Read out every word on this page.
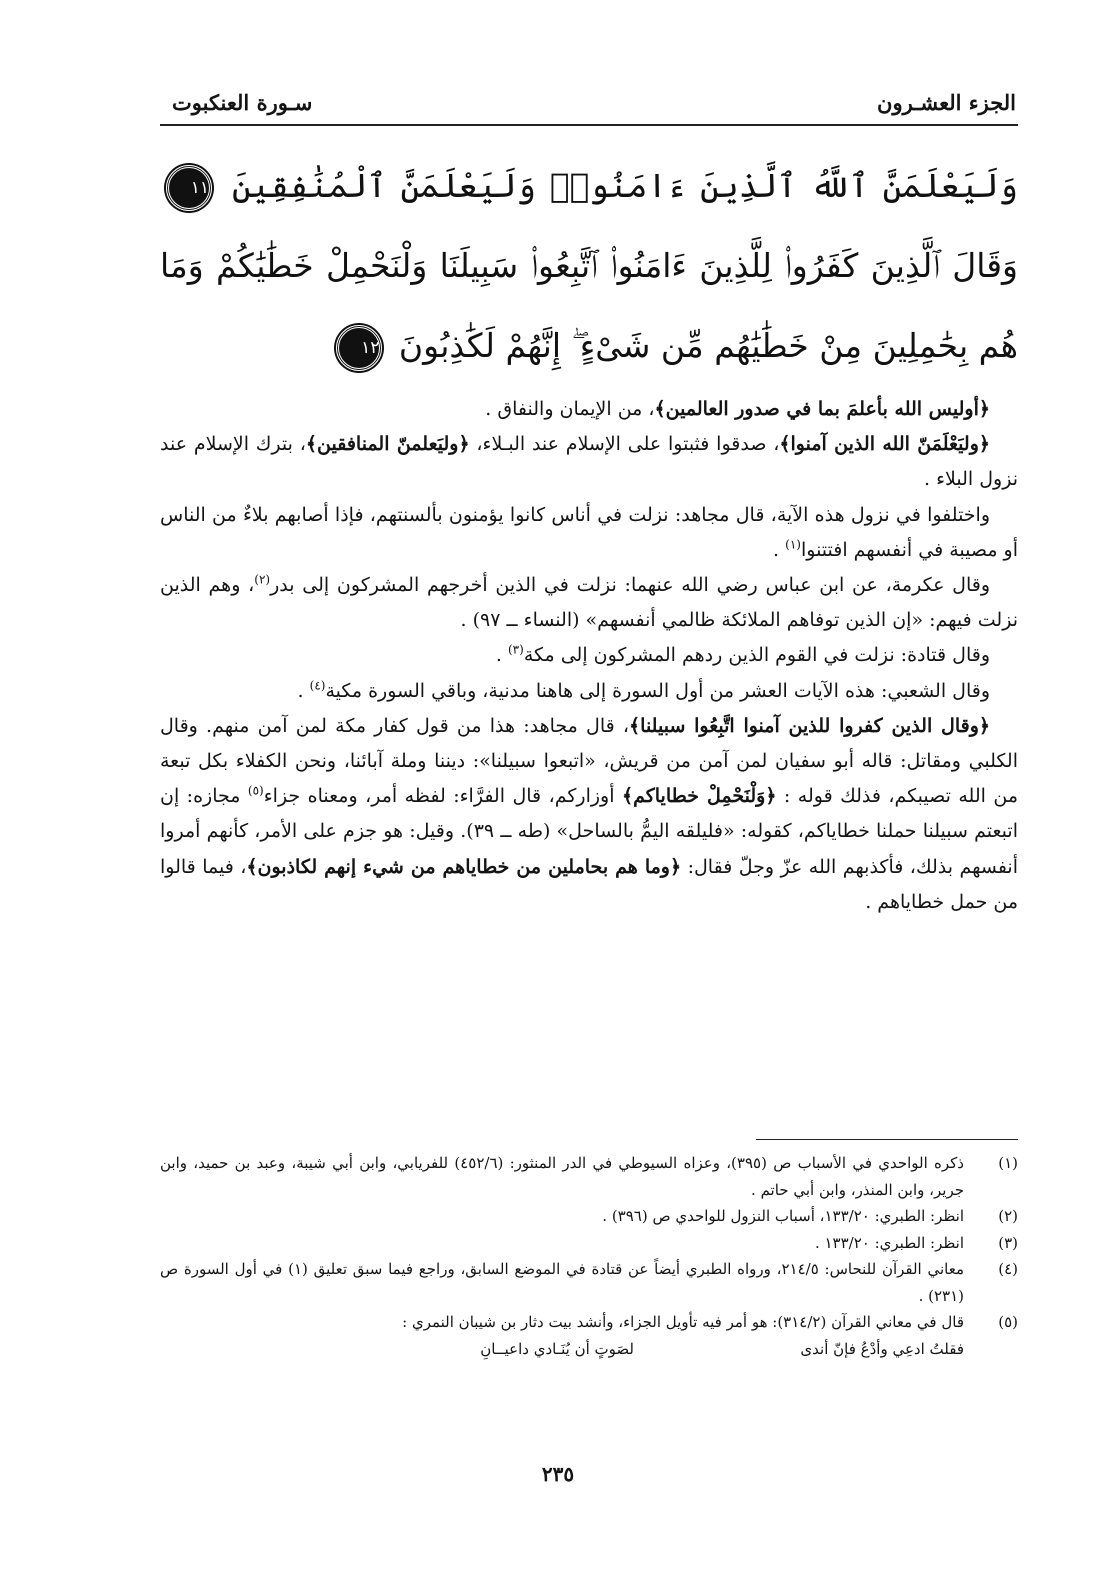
الجزء العشـرون
سـورة العنكبوت
وَلَيَعْلَمَنَّ ٱللَّهُ ٱلَّذِينَ ءَامَنُوا۟ وَلَيَعْلَمَنَّ ٱلْمُنَٰفِقِينَ ١١ وَقَالَ ٱلَّذِينَ كَفَرُوا۟ لِلَّذِينَ ءَامَنُوا۟ ٱتَّبِعُوا۟ سَبِيلَنَا وَلْنَحْمِلْ خَطَٰيَٰكُمْ وَمَا هُم بِحَٰمِلِينَ مِنْ خَطَٰيَٰهُم مِّن شَىْءٍ ۖ إِنَّهُمْ لَكَٰذِبُونَ ١٢

﴿أوليس الله بأعلمَ بما في صدور العالمين﴾، من الإيمان والنفاق .

﴿وليَعْلَمَنّ الله الذين آمنوا﴾، صدقوا فثبتوا على الإسلام عند البـلاء، ﴿وليَعلمنّ المنافقين﴾، بترك الإسلام عند نزول البلاء .

واختلفوا في نزول هذه الآية، قال مجاهد: نزلت في أناس كانوا يؤمنون بألسنتهم، فإذا أصابهم بلاءٌ من الناس أو مصيبة في أنفسهم افتتنوا$^{(١)}$ .

وقال عكرمة، عن ابن عباس رضي الله عنهما: نزلت في الذين أخرجهم المشركون إلى بدر$^{(٢)}$، وهم الذين نزلت فيهم: «إن الذين توفاهم الملائكة ظالمي أنفسهم» (النساء ــ ٩٧) .

وقال قتادة: نزلت في القوم الذين ردهم المشركون إلى مكة$^{(٣)}$ .

وقال الشعبي: هذه الآيات العشر من أول السورة إلى هاهنا مدنية، وباقي السورة مكية$^{(٤)}$ .

﴿وقال الذين كفروا للذين آمنوا اتَّبِعُوا سبيلنا﴾، قال مجاهد: هذا من قول كفار مكة لمن آمن منهم. وقال الكلبي ومقاتل: قاله أبو سفيان لمن آمن من قريش، «اتبعوا سبيلنا»: ديننا وملة آبائنا، ونحن الكفلاء بكل تبعة من الله تصيبكم، فذلك قوله : ﴿وَلْنَحْمِلْ خطاياكم﴾ أوزاركم، قال الفرَّاء: لفظه أمر، ومعناه جزاء$^{(٥)}$ مجازه: إن اتبعتم سبيلنا حملنا خطاياكم، كقوله: «فليلقه اليمُّ بالساحل» (طه ــ ٣٩). وقيل: هو جزم على الأمر، كأنهم أمروا أنفسهم بذلك، فأكذبهم الله عزّ وجلّ فقال: ﴿وما هم بحاملين من خطاياهم من شيء إنهم لكاذبون﴾، فيما قالوا من حمل خطاياهم .

(١)
ذكره الواحدي في الأسباب ص (٣٩٥)، وعزاه السيوطي في الدر المنثور: (٤٥٢/٦) للفريابي، وابن أبي شيبة، وعبد بن حميد، وابن جرير، وابن المنذر، وابن أبي حاتم .
(٢)
انظر: الطبري: ١٣٣/٢٠، أسباب النزول للواحدي ص (٣٩٦) .
(٣)
انظر: الطبري: ١٣٣/٢٠ .
(٤)
معاني القرآن للنحاس: ٢١٤/٥، ورواه الطبري أيضاً عن قتادة في الموضع السابق، وراجع فيما سبق تعليق (١) في أول السورة ص (٢٣١) .
(٥)
قال في معاني القرآن (٣١٤/٢): هو أمر فيه تأويل الجزاء، وأنشد بيت دثار بن شيبان النمري :
فقلتُ ادعِي وأدْعُ فإنّ أندى
لصَوتٍ أن يُنَـادي داعيــانِ
٢٣٥
